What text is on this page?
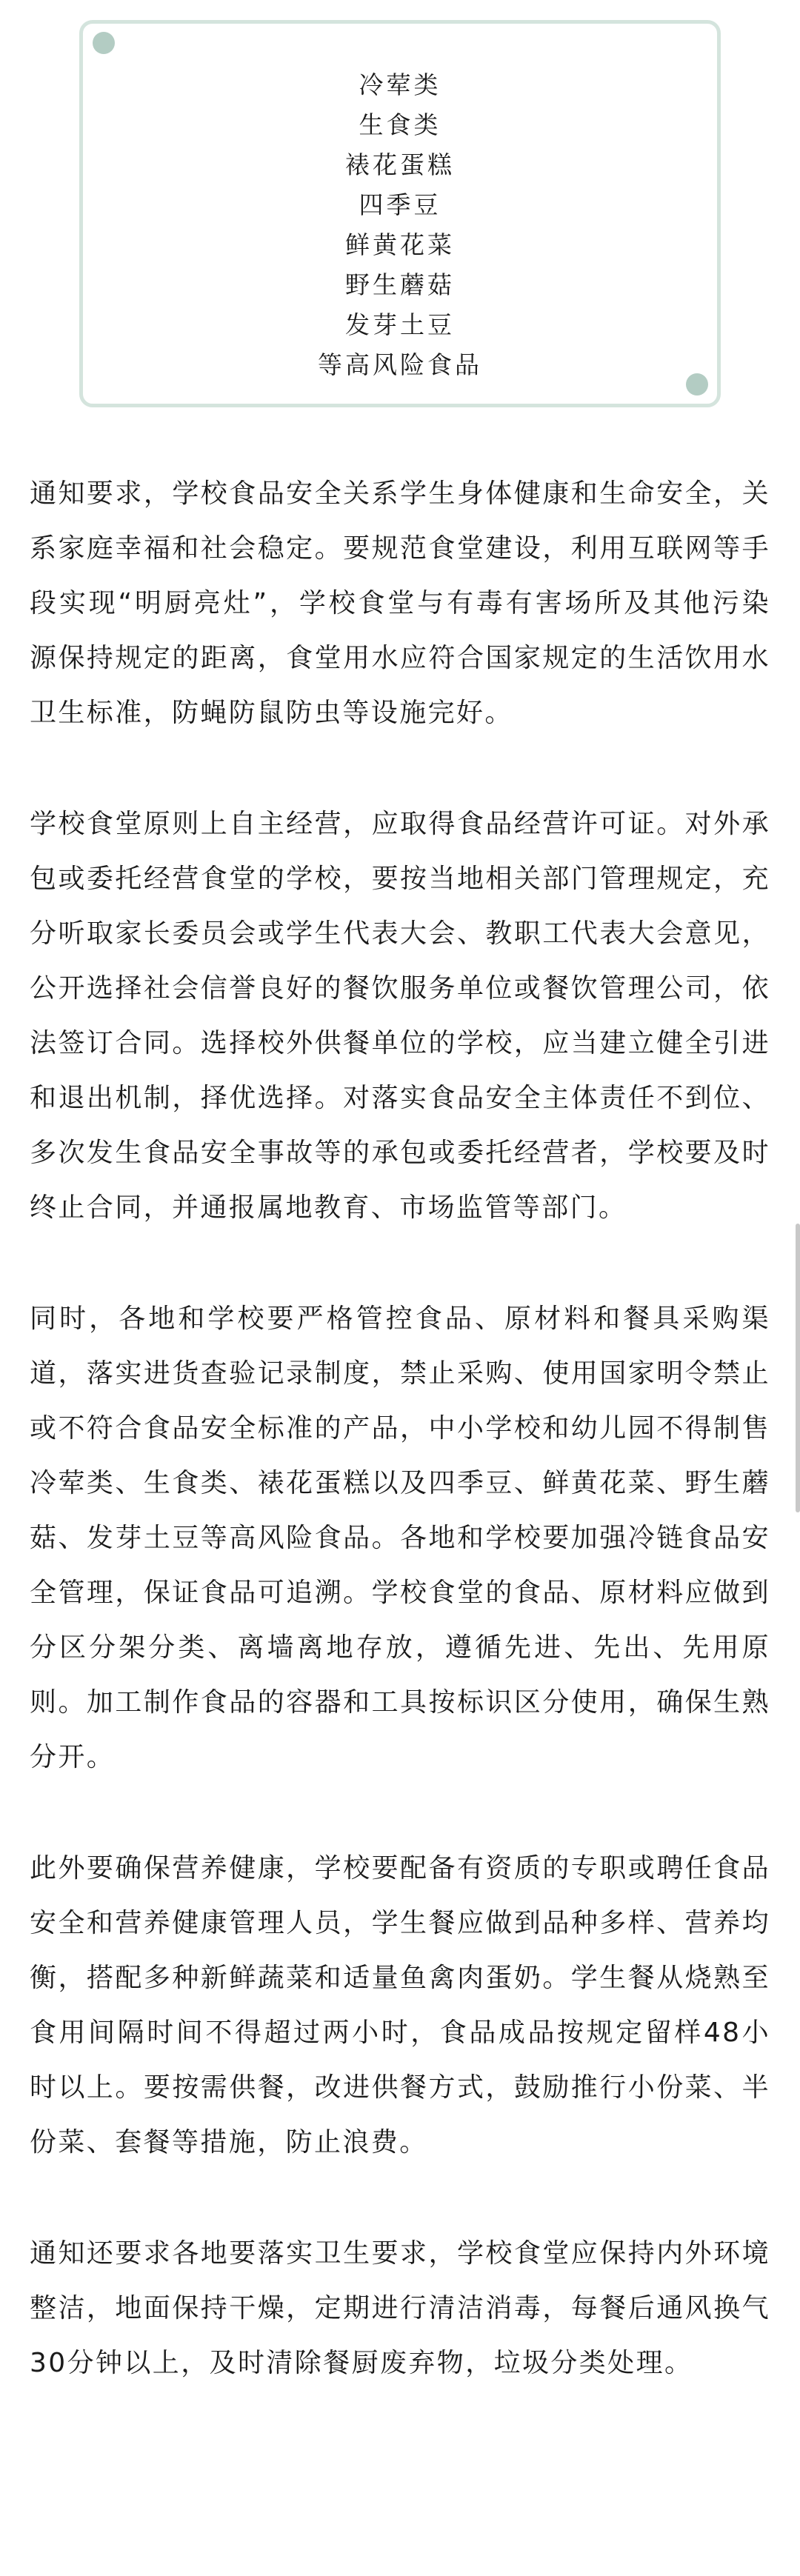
冷荤类
生食类
裱花蛋糕
四季豆
鲜黄花菜
野生蘑菇
发芽土豆
等高风险食品

通知要求，学校食品安全关系学生身体健康和生命安全，关系家庭幸福和社会稳定。要规范食堂建设，利用互联网等手段实现“明厨亮灶”，学校食堂与有毒有害场所及其他污染源保持规定的距离，食堂用水应符合国家规定的生活饮用水卫生标准，防蝇防鼠防虫等设施完好。

学校食堂原则上自主经营，应取得食品经营许可证。对外承包或委托经营食堂的学校，要按当地相关部门管理规定，充分听取家长委员会或学生代表大会、教职工代表大会意见，公开选择社会信誉良好的餐饮服务单位或餐饮管理公司，依法签订合同。选择校外供餐单位的学校，应当建立健全引进和退出机制，择优选择。对落实食品安全主体责任不到位、多次发生食品安全事故等的承包或委托经营者，学校要及时终止合同，并通报属地教育、市场监管等部门。

同时，各地和学校要严格管控食品、原材料和餐具采购渠道，落实进货查验记录制度，禁止采购、使用国家明令禁止或不符合食品安全标准的产品，中小学校和幼儿园不得制售冷荤类、生食类、裱花蛋糕以及四季豆、鲜黄花菜、野生蘑菇、发芽土豆等高风险食品。各地和学校要加强冷链食品安全管理，保证食品可追溯。学校食堂的食品、原材料应做到分区分架分类、离墙离地存放，遵循先进、先出、先用原则。加工制作食品的容器和工具按标识区分使用，确保生熟分开。

此外要确保营养健康，学校要配备有资质的专职或聘任食品安全和营养健康管理人员，学生餐应做到品种多样、营养均衡，搭配多种新鲜蔬菜和适量鱼禽肉蛋奶。学生餐从烧熟至食用间隔时间不得超过两小时，食品成品按规定留样48小时以上。要按需供餐，改进供餐方式，鼓励推行小份菜、半份菜、套餐等措施，防止浪费。

通知还要求各地要落实卫生要求，学校食堂应保持内外环境整洁，地面保持干燥，定期进行清洁消毒，每餐后通风换气30分钟以上，及时清除餐厨废弃物，垃圾分类处理。
